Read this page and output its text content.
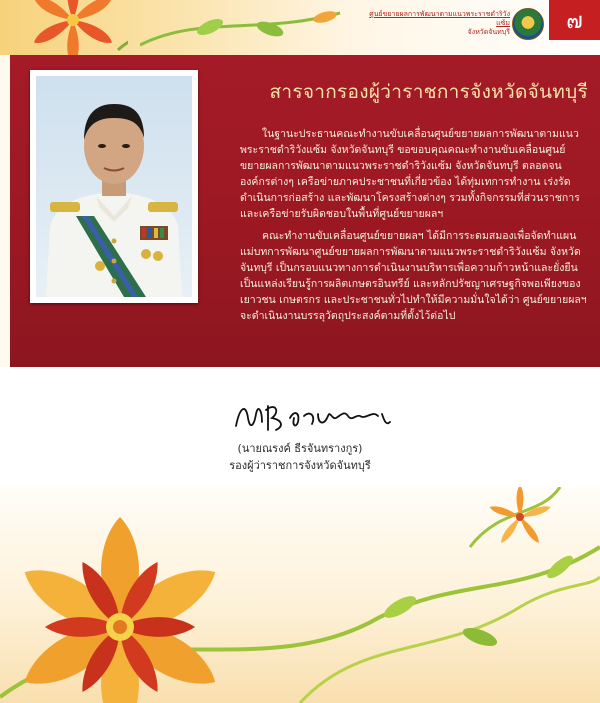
ศูนย์ขยายผลการพัฒนาตามแนวพระราชดำริวังแซ้ม
จังหวัดจันทบุรี	๗
สารจากรองผู้ว่าราชการจังหวัดจันทบุรี

ในฐานะประธานคณะทำงานขับเคลื่อนศูนย์ขยายผลการพัฒนาตามแนวพระราชดำริวังแซ้ม จังหวัดจันทบุรี ขอขอบคุณคณะทำงานขับเคลื่อนศูนย์ขยายผลการพัฒนาตามแนวพระราชดำริวังแซ้ม จังหวัดจันทบุรี ตลอดจนองค์กรต่างๆ เครือข่ายภาคประชาชนที่เกี่ยวข้อง ได้ทุ่มเทการทำงาน เร่งรัดดำเนินการก่อสร้าง และพัฒนาโครงสร้างต่างๆ รวมทั้งกิจกรรมที่ส่วนราชการและเครือข่ายรับผิดชอบในพื้นที่ศูนย์ขยายผลฯ

คณะทำงานขับเคลื่อนศูนย์ขยายผลฯ ได้มีการระดมสมองเพื่อจัดทำแผนแม่บทการพัฒนาศูนย์ขยายผลการพัฒนาตามแนวพระราชดำริวังแซ้ม จังหวัดจันทบุรี เป็นกรอบแนวทางการดำเนินงานบริหารเพื่อความก้าวหน้าและยั่งยืน เป็นแหล่งเรียนรู้การผลิตเกษตรอินทรีย์ และหลักปรัชญาเศรษฐกิจพอเพียงของเยาวชน เกษตรกร และประชาชนทั่วไปทำให้มีความมั่นใจได้ว่า ศูนย์ขยายผลฯ จะดำเนินงานบรรลุวัตถุประสงค์ตามที่ตั้งไว้ต่อไป

(นายณรงค์ ธีรจันทรางกูร)
รองผู้ว่าราชการจังหวัดจันทบุรี
